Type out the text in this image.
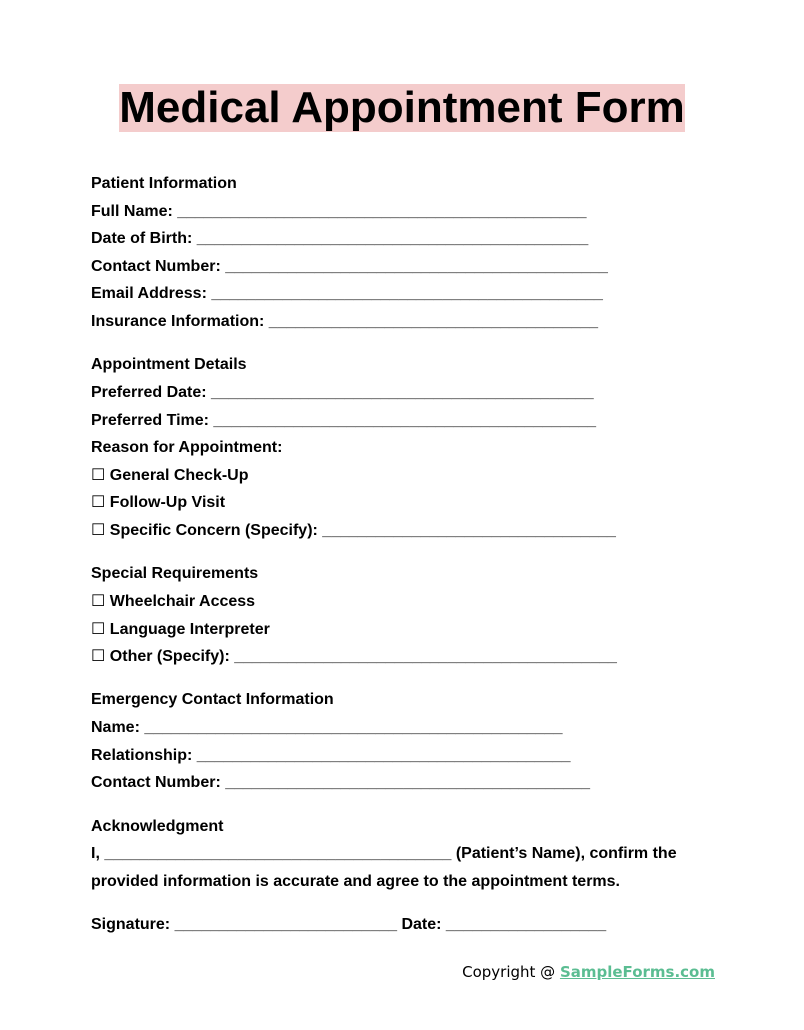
Medical Appointment Form
Patient Information
Full Name: ______________________________________________
Date of Birth: ____________________________________________
Contact Number: ___________________________________________
Email Address: ____________________________________________
Insurance Information: _____________________________________
Appointment Details
Preferred Date: ___________________________________________
Preferred Time: ___________________________________________
Reason for Appointment:
☐ General Check-Up
☐ Follow-Up Visit
☐ Specific Concern (Specify): _________________________________
Special Requirements
☐ Wheelchair Access
☐ Language Interpreter
☐ Other (Specify): ___________________________________________
Emergency Contact Information
Name: _______________________________________________
Relationship: __________________________________________
Contact Number: _________________________________________
Acknowledgment
I, _______________________________________ (Patient’s Name), confirm the provided information is accurate and agree to the appointment terms.
Signature: _________________________ Date: __________________
Copyright @ SampleForms.com
